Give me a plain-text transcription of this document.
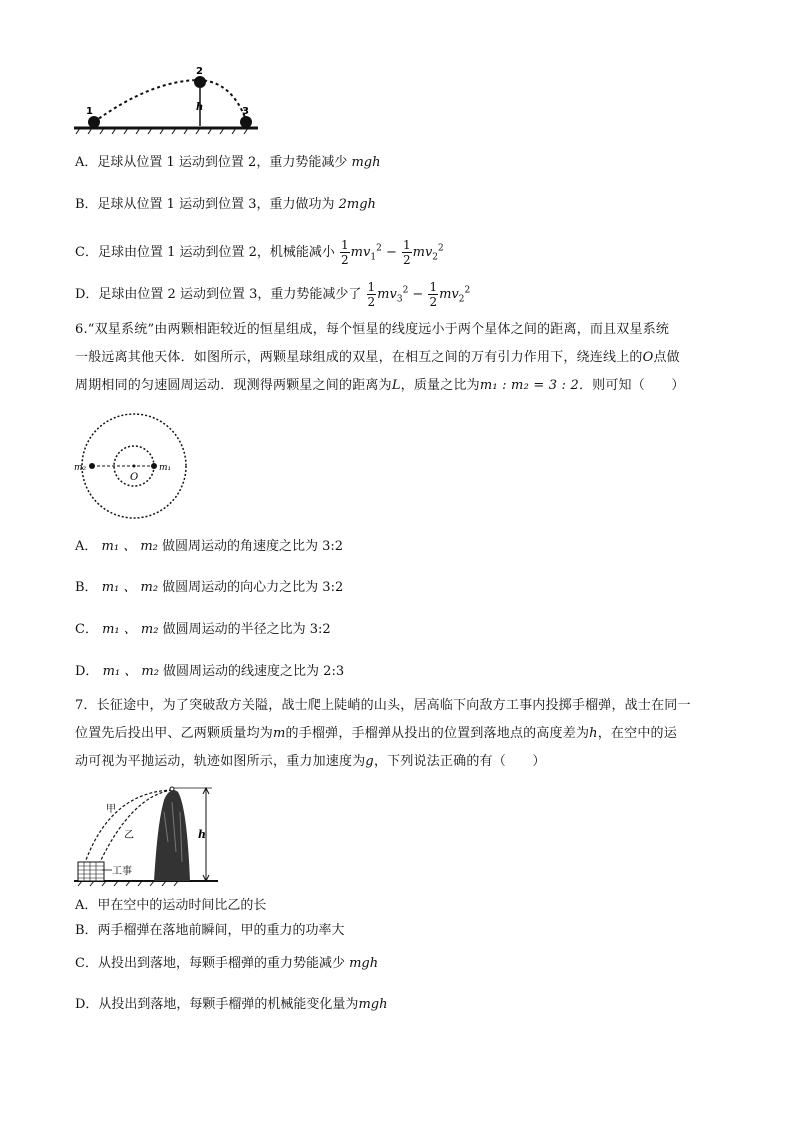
1
2
h	3
A．足球从位置 1 运动到位置 2，重力势能减少 mgh
B．足球从位置 1 运动到位置 3，重力做功为 2mgh
C．足球由位置 1 运动到位置 2，机械能减小 $\frac{1}{2} mv_1^2 - \frac{1}{2} mv_2^2$
D．足球由位置 2 运动到位置 3，重力势能减少了 $\frac{1}{2} mv_3^2 - \frac{1}{2} mv_2^2$
6.“双星系统”由两颗相距较近的恒星组成，每个恒星的线度远小于两个星体之间的距离，而且双星系统
一般远离其他天体．如图所示，两颗星球组成的双星，在相互之间的万有引力作用下，绕连线上的O点做
周期相同的匀速圆周运动．现测得两颗星之间的距离为L，质量之比为m₁ : m₂ = 3 : 2．则可知（　　）
m₂	m₁
O
A． m₁ 、 m₂ 做圆周运动的角速度之比为 3:2
B． m₁ 、 m₂ 做圆周运动的向心力之比为 3:2
C． m₁ 、 m₂ 做圆周运动的半径之比为 3:2
D． m₁ 、 m₂ 做圆周运动的线速度之比为 2:3
7．长征途中，为了突破敌方关隘，战士爬上陡峭的山头，居高临下向敌方工事内投掷手榴弹，战士在同一
位置先后投出甲、乙两颗质量均为m的手榴弹，手榴弹从投出的位置到落地点的高度差为h，在空中的运
动可视为平抛运动，轨迹如图所示，重力加速度为g，下列说法正确的有（　　）
h
甲
乙
工事
A．甲在空中的运动时间比乙的长
B．两手榴弹在落地前瞬间，甲的重力的功率大
C．从投出到落地，每颗手榴弹的重力势能减少 mgh
D．从投出到落地，每颗手榴弹的机械能变化量为mgh
